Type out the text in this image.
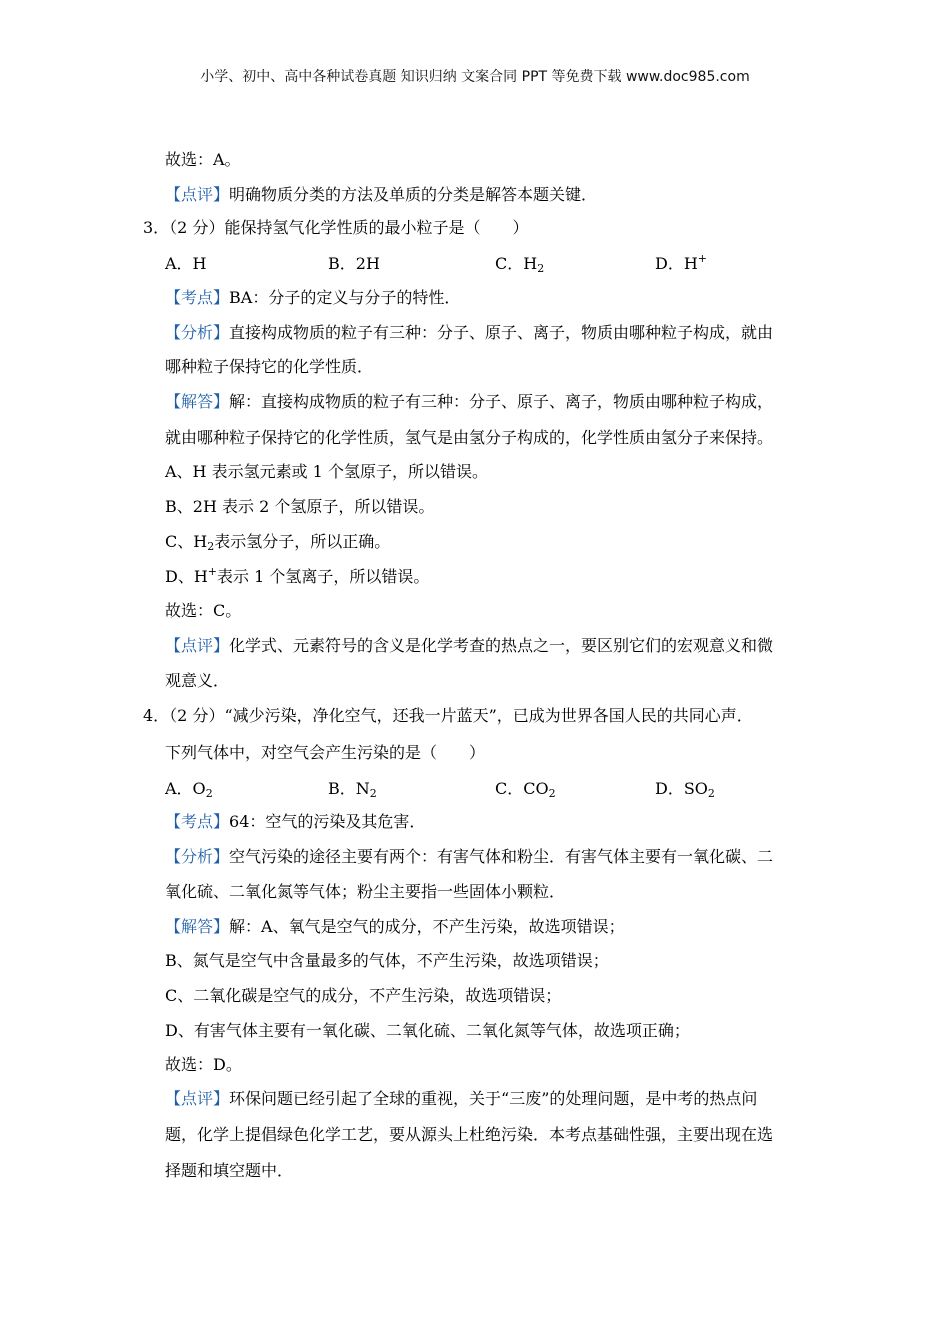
小学、初中、高中各种试卷真题 知识归纳 文案合同 PPT 等免费下载 www.doc985.com
故选：A。
【点评】明确物质分类的方法及单质的分类是解答本题关键．
3．（2 分）能保持氢气化学性质的最小粒子是（　　）
A．H	B．2H	C．$H_2$	D．H+
【考点】BA：分子的定义与分子的特性．
【分析】直接构成物质的粒子有三种：分子、原子、离子，物质由哪种粒子构成，就由
哪种粒子保持它的化学性质．
【解答】解：直接构成物质的粒子有三种：分子、原子、离子，物质由哪种粒子构成，
就由哪种粒子保持它的化学性质，氢气是由氢分子构成的，化学性质由氢分子来保持。
A、H 表示氢元素或 1 个氢原子，所以错误。
B、2H 表示 2 个氢原子，所以错误。
C、$H_2$表示氢分子，所以正确。
D、H+表示 1 个氢离子，所以错误。
故选：C。
【点评】化学式、元素符号的含义是化学考查的热点之一，要区别它们的宏观意义和微
观意义．
4．（2 分）“减少污染，净化空气，还我一片蓝天”，已成为世界各国人民的共同心声．
下列气体中，对空气会产生污染的是（　　）
A．$O_2$	B．$N_2$	C．$CO_2$	D．$SO_2$
【考点】64：空气的污染及其危害．
【分析】空气污染的途径主要有两个：有害气体和粉尘．有害气体主要有一氧化碳、二
氧化硫、二氧化氮等气体；粉尘主要指一些固体小颗粒．
【解答】解：A、氧气是空气的成分，不产生污染，故选项错误；
B、氮气是空气中含量最多的气体，不产生污染，故选项错误；
C、二氧化碳是空气的成分，不产生污染，故选项错误；
D、有害气体主要有一氧化碳、二氧化硫、二氧化氮等气体，故选项正确；
故选：D。
【点评】环保问题已经引起了全球的重视，关于“三废”的处理问题，是中考的热点问
题，化学上提倡绿色化学工艺，要从源头上杜绝污染．本考点基础性强，主要出现在选
择题和填空题中．
